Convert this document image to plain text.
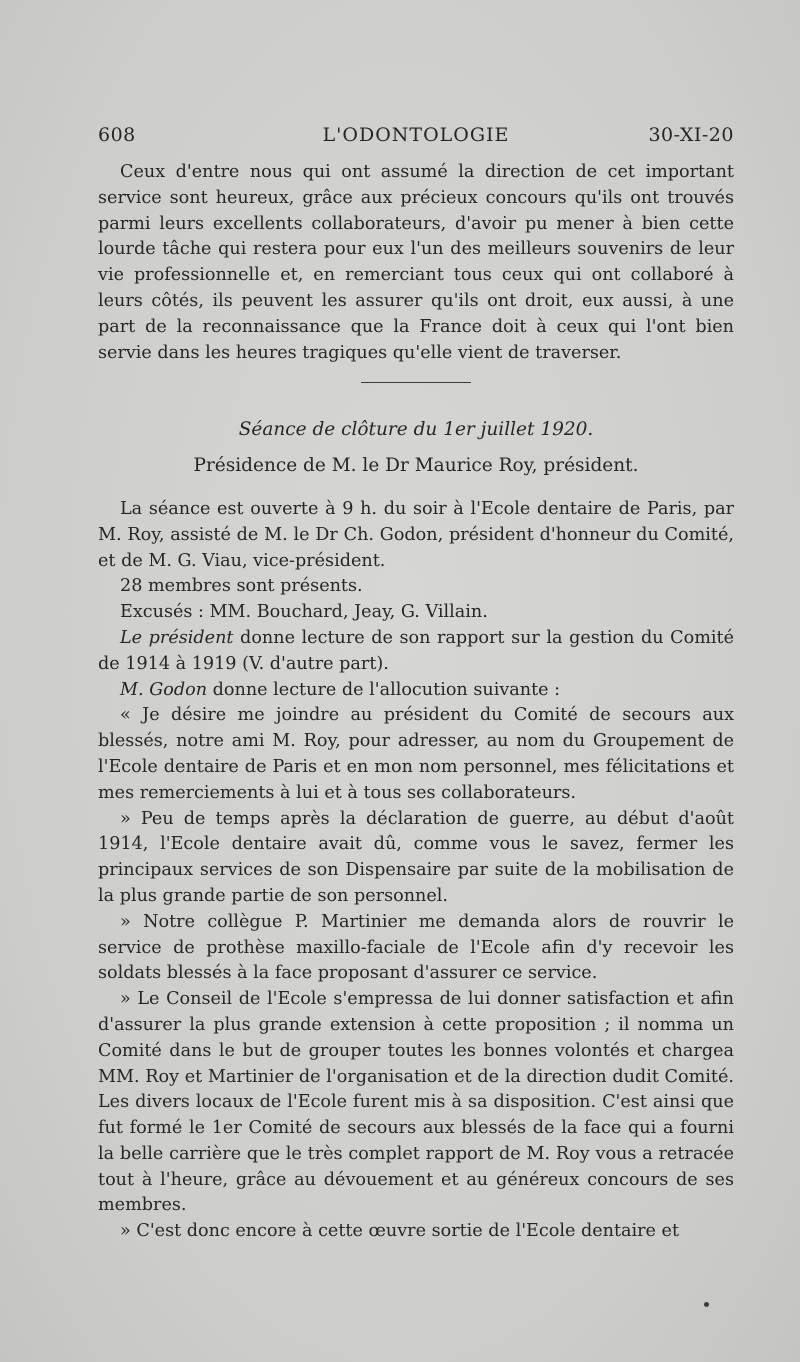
608	L'ODONTOLOGIE	30-XI-20

Ceux d'entre nous qui ont assumé la direction de cet important service sont heureux, grâce aux précieux concours qu'ils ont trouvés parmi leurs excellents collaborateurs, d'avoir pu mener à bien cette lourde tâche qui restera pour eux l'un des meilleurs souvenirs de leur vie professionnelle et, en remerciant tous ceux qui ont collaboré à leurs côtés, ils peuvent les assurer qu'ils ont droit, eux aussi, à une part de la reconnaissance que la France doit à ceux qui l'ont bien servie dans les heures tragiques qu'elle vient de traverser.

Séance de clôture du 1er juillet 1920.

Présidence de M. le Dr Maurice Roy, président.

La séance est ouverte à 9 h. du soir à l'Ecole dentaire de Paris, par M. Roy, assisté de M. le Dr Ch. Godon, président d'honneur du Comité, et de M. G. Viau, vice-président.

28 membres sont présents.

Excusés : MM. Bouchard, Jeay, G. Villain.

Le président donne lecture de son rapport sur la gestion du Comité de 1914 à 1919 (V. d'autre part).

M. Godon donne lecture de l'allocution suivante :

« Je désire me joindre au président du Comité de secours aux blessés, notre ami M. Roy, pour adresser, au nom du Groupement de l'Ecole dentaire de Paris et en mon nom personnel, mes félicitations et mes remerciements à lui et à tous ses collaborateurs.

» Peu de temps après la déclaration de guerre, au début d'août 1914, l'Ecole dentaire avait dû, comme vous le savez, fermer les principaux services de son Dispensaire par suite de la mobilisation de la plus grande partie de son personnel.

» Notre collègue P. Martinier me demanda alors de rouvrir le service de prothèse maxillo-faciale de l'Ecole afin d'y recevoir les soldats blessés à la face proposant d'assurer ce service.

» Le Conseil de l'Ecole s'empressa de lui donner satisfaction et afin d'assurer la plus grande extension à cette proposition ; il nomma un Comité dans le but de grouper toutes les bonnes volontés et chargea MM. Roy et Martinier de l'organisation et de la direction dudit Comité. Les divers locaux de l'Ecole furent mis à sa disposition. C'est ainsi que fut formé le 1er Comité de secours aux blessés de la face qui a fourni la belle carrière que le très complet rapport de M. Roy vous a retracée tout à l'heure, grâce au dévouement et au généreux concours de ses membres.

» C'est donc encore à cette œuvre sortie de l'Ecole dentaire et
